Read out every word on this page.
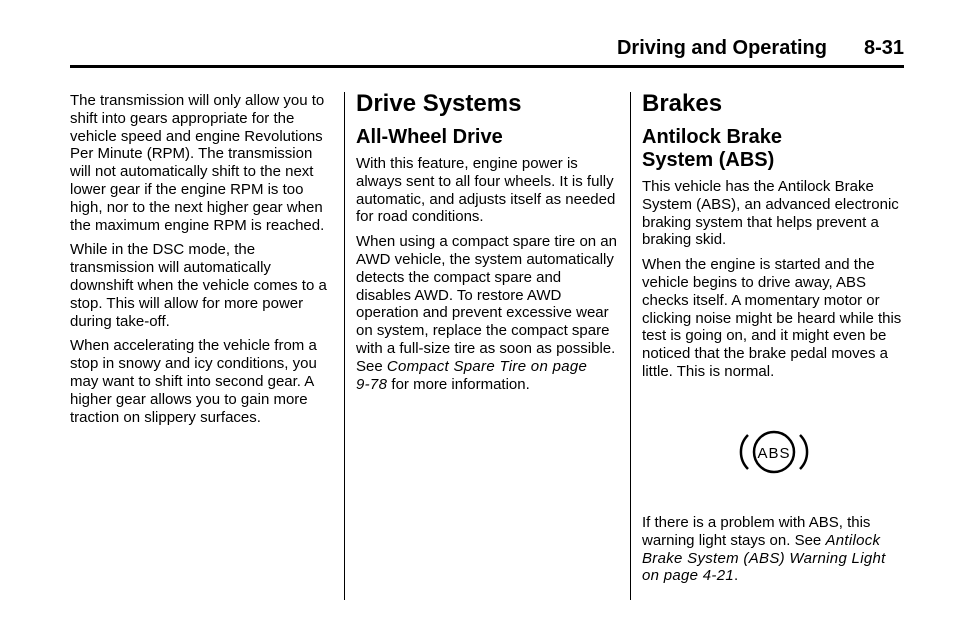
Driving and Operating 8-31

The transmission will only allow you to shift into gears appropriate for the vehicle speed and engine Revolutions Per Minute (RPM). The transmission will not automatically shift to the next lower gear if the engine RPM is too high, nor to the next higher gear when the maximum engine RPM is reached.

While in the DSC mode, the transmission will automatically downshift when the vehicle comes to a stop. This will allow for more power during take-off.

When accelerating the vehicle from a stop in snowy and icy conditions, you may want to shift into second gear. A higher gear allows you to gain more traction on slippery surfaces.

Drive Systems
All-Wheel Drive

With this feature, engine power is always sent to all four wheels. It is fully automatic, and adjusts itself as needed for road conditions.

When using a compact spare tire on an AWD vehicle, the system automatically detects the compact spare and disables AWD. To restore AWD operation and prevent excessive wear on system, replace the compact spare with a full-size tire as soon as possible. See Compact Spare Tire on page 9‑78 for more information.

Brakes
Antilock Brake
System (ABS)

This vehicle has the Antilock Brake System (ABS), an advanced electronic braking system that helps prevent a braking skid.

When the engine is started and the vehicle begins to drive away, ABS checks itself. A momentary motor or clicking noise might be heard while this test is going on, and it might even be noticed that the brake pedal moves a little. This is normal.

ABS

If there is a problem with ABS, this warning light stays on. See Antilock Brake System (ABS) Warning Light on page 4‑21.
